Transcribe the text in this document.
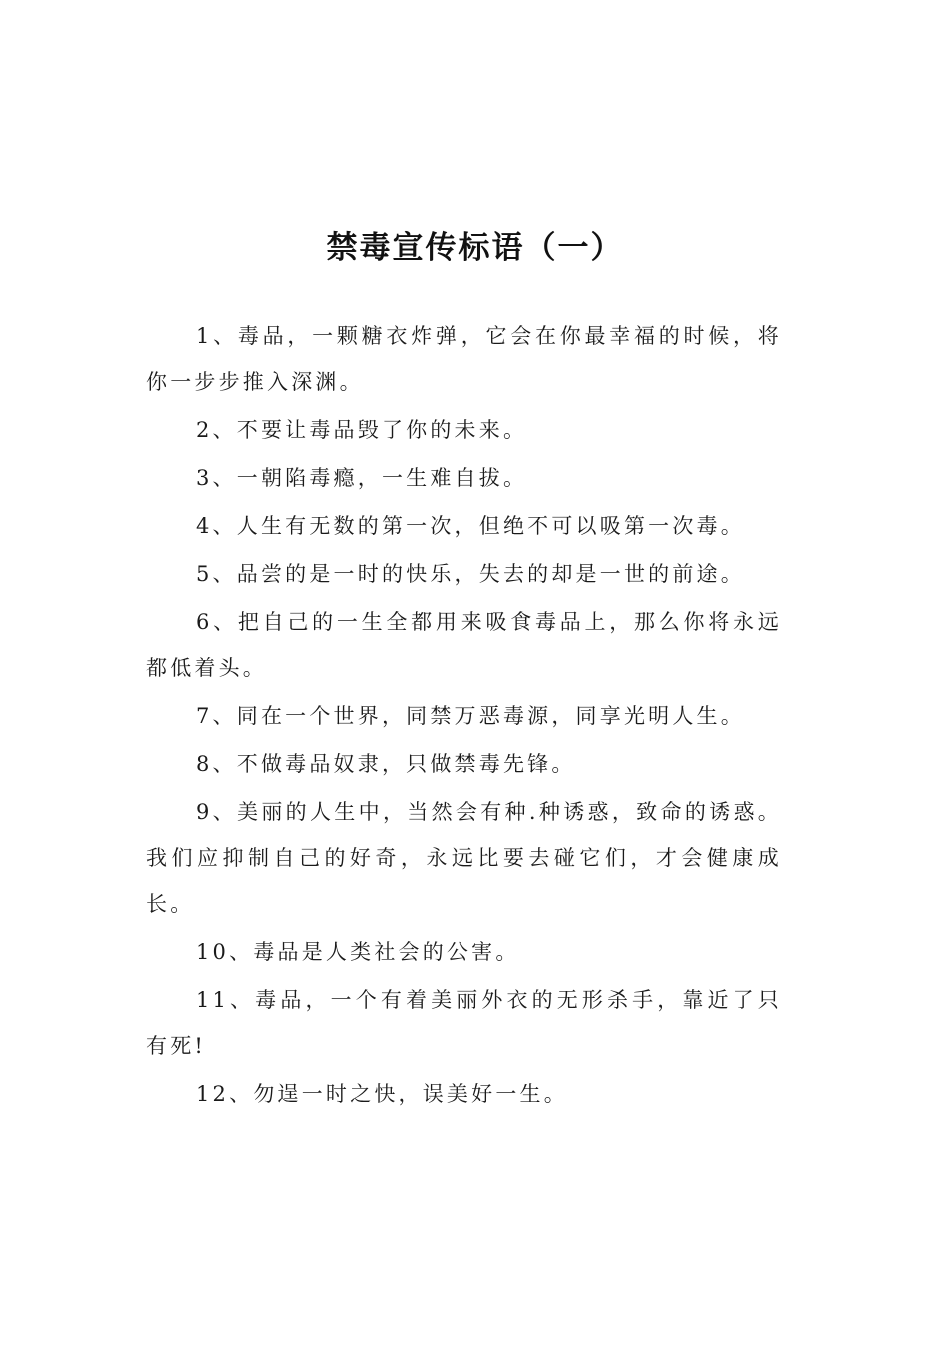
禁毒宣传标语（一）

1、毒品，一颗糖衣炸弹，它会在你最幸福的时候，将你一步步推入深渊。

2、不要让毒品毁了你的未来。

3、一朝陷毒瘾，一生难自拔。

4、人生有无数的第一次，但绝不可以吸第一次毒。

5、品尝的是一时的快乐，失去的却是一世的前途。

6、把自己的一生全都用来吸食毒品上，那么你将永远都低着头。

7、同在一个世界，同禁万恶毒源，同享光明人生。

8、不做毒品奴隶，只做禁毒先锋。

9、美丽的人生中，当然会有种.种诱惑，致命的诱惑。我们应抑制自己的好奇，永远比要去碰它们，才会健康成长。

10、毒品是人类社会的公害。

11、毒品，一个有着美丽外衣的无形杀手，靠近了只有死!

12、勿逞一时之快，误美好一生。
